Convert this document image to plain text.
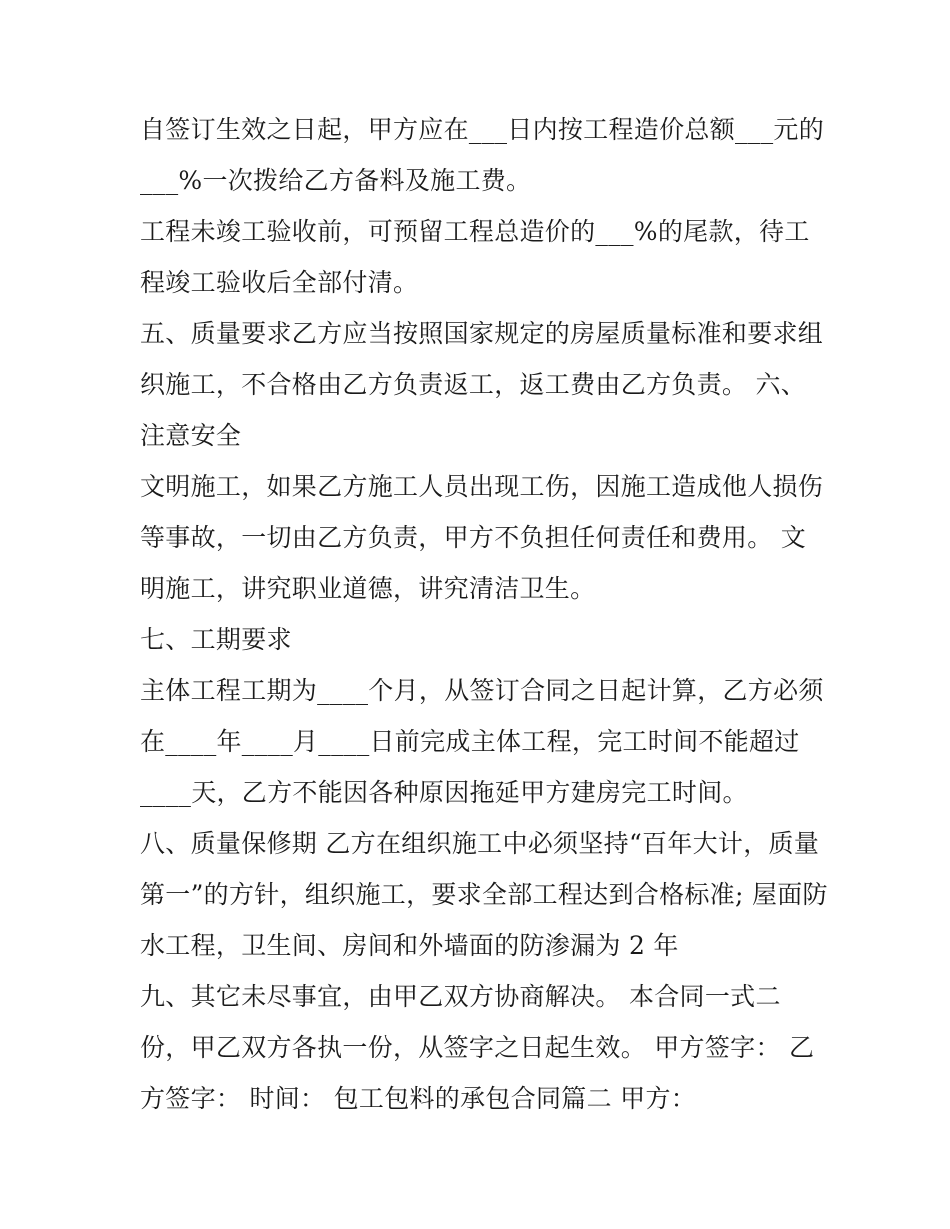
自签订生效之日起，甲方应在___日内按工程造价总额___元的
___%一次拨给乙方备料及施工费。
工程未竣工验收前，可预留工程总造价的___%的尾款，待工
程竣工验收后全部付清。
五、质量要求乙方应当按照国家规定的房屋质量标准和要求组
织施工，不合格由乙方负责返工，返工费由乙方负责。 六、
注意安全
文明施工，如果乙方施工人员出现工伤，因施工造成他人损伤
等事故，一切由乙方负责，甲方不负担任何责任和费用。 文
明施工，讲究职业道德，讲究清洁卫生。
七、工期要求
主体工程工期为____个月，从签订合同之日起计算，乙方必须
在____年____月____日前完成主体工程，完工时间不能超过
____天，乙方不能因各种原因拖延甲方建房完工时间。
八、质量保修期 乙方在组织施工中必须坚持“百年大计，质量
第一”的方针，组织施工，要求全部工程达到合格标准; 屋面防
水工程，卫生间、房间和外墙面的防渗漏为 2 年
九、其它未尽事宜，由甲乙双方协商解决。 本合同一式二
份，甲乙双方各执一份，从签字之日起生效。 甲方签字： 乙
方签字： 时间： 包工包料的承包合同篇二 甲方：
